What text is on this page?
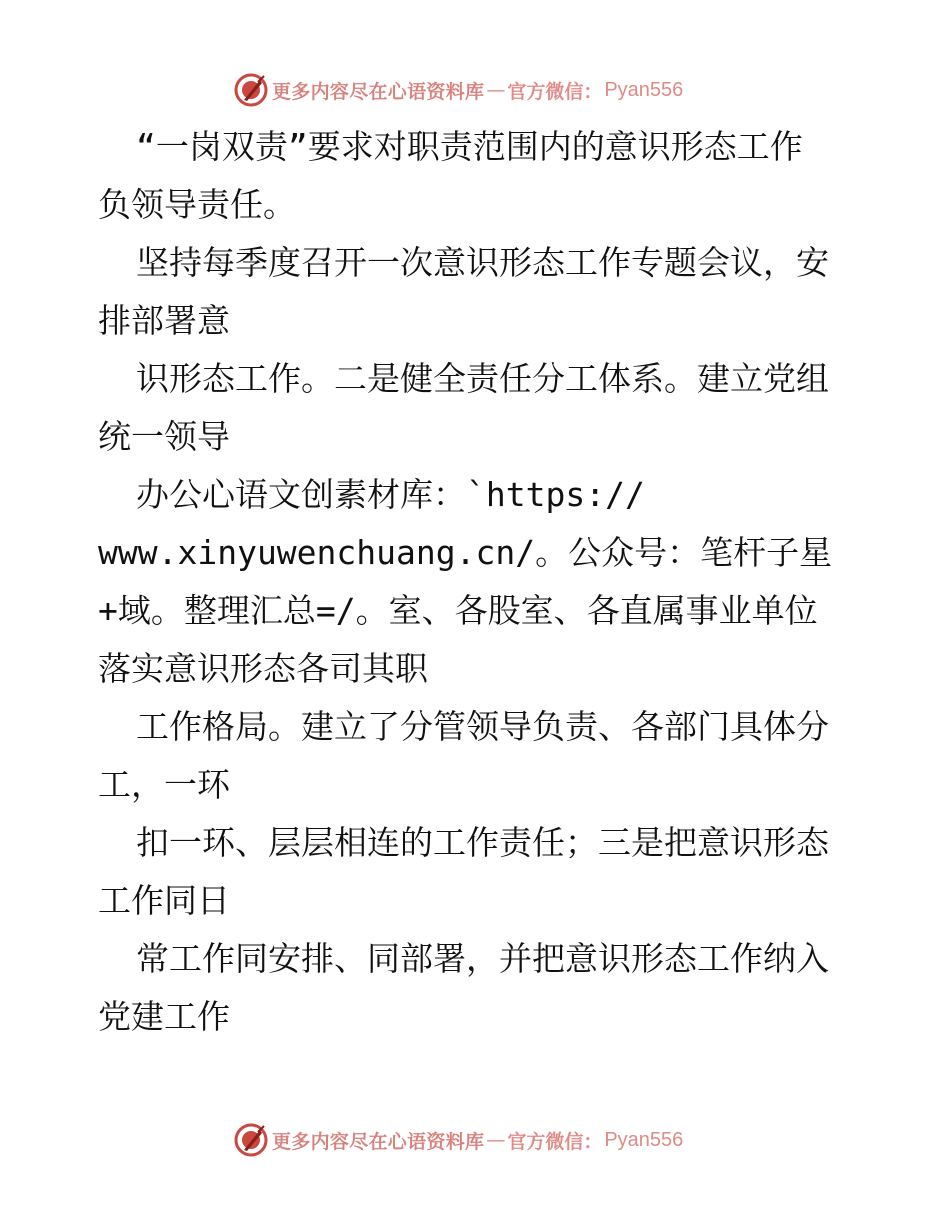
更多内容尽在心语资料库 — 官方微信： Pyan556
“一岗双责”要求对职责范围内的意识形态工作
负领导责任。
坚持每季度召开一次意识形态工作专题会议，安
排部署意
识形态工作。二是健全责任分工体系。建立党组
统一领导
办公心语文创素材库：`https://
www.xinyuwenchuang.cn/。公众号：笔杆子星
+域。整理汇总=/。室、各股室、各直属事业单位
落实意识形态各司其职
工作格局。建立了分管领导负责、各部门具体分
工，一环
扣一环、层层相连的工作责任；三是把意识形态
工作同日
常工作同安排、同部署，并把意识形态工作纳入
党建工作
更多内容尽在心语资料库 — 官方微信： Pyan556
